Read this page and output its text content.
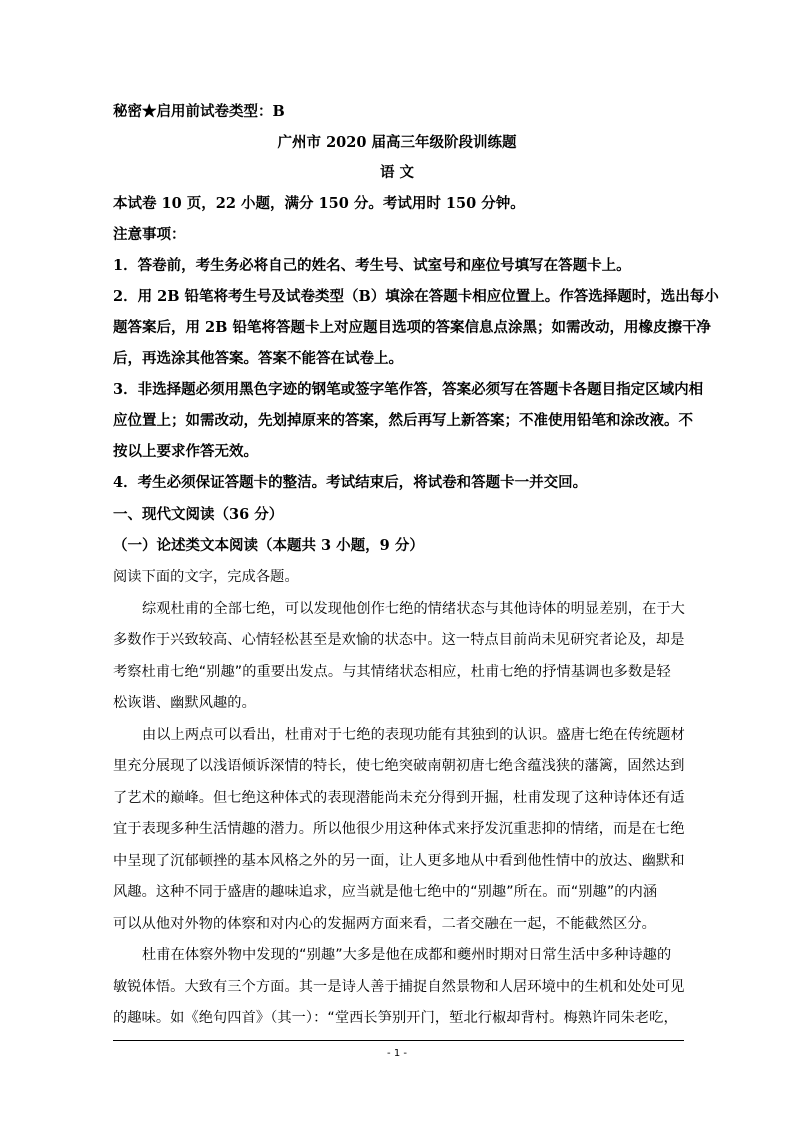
秘密★启用前试卷类型：B
广州市 2020 届高三年级阶段训练题
语 文
本试卷 10 页，22 小题，满分 150 分。考试用时 150 分钟。
注意事项：
1．答卷前，考生务必将自己的姓名、考生号、试室号和座位号填写在答题卡上。
2．用 2B 铅笔将考生号及试卷类型（B）填涂在答题卡相应位置上。作答选择题时，选出每小
题答案后，用 2B 铅笔将答题卡上对应题目选项的答案信息点涂黑；如需改动，用橡皮擦干净
后，再选涂其他答案。答案不能答在试卷上。
3．非选择题必须用黑色字迹的钢笔或签字笔作答，答案必须写在答题卡各题目指定区域内相
应位置上；如需改动，先划掉原来的答案，然后再写上新答案；不准使用铅笔和涂改液。不
按以上要求作答无效。
4．考生必须保证答题卡的整洁。考试结束后，将试卷和答题卡一并交回。
一、现代文阅读（36 分）
（一）论述类文本阅读（本题共 3 小题，9 分）
阅读下面的文字，完成各题。
综观杜甫的全部七绝，可以发现他创作七绝的情绪状态与其他诗体的明显差别，在于大
多数作于兴致较高、心情轻松甚至是欢愉的状态中。这一特点目前尚未见研究者论及，却是
考察杜甫七绝“别趣”的重要出发点。与其情绪状态相应，杜甫七绝的抒情基调也多数是轻
松诙谐、幽默风趣的。
由以上两点可以看出，杜甫对于七绝的表现功能有其独到的认识。盛唐七绝在传统题材
里充分展现了以浅语倾诉深情的特长，使七绝突破南朝初唐七绝含蕴浅狭的藩篱，固然达到
了艺术的巅峰。但七绝这种体式的表现潜能尚未充分得到开掘，杜甫发现了这种诗体还有适
宜于表现多种生活情趣的潜力。所以他很少用这种体式来抒发沉重悲抑的情绪，而是在七绝
中呈现了沉郁顿挫的基本风格之外的另一面，让人更多地从中看到他性情中的放达、幽默和
风趣。这种不同于盛唐的趣味追求，应当就是他七绝中的“别趣”所在。而“别趣”的内涵
可以从他对外物的体察和对内心的发掘两方面来看，二者交融在一起，不能截然区分。
杜甫在体察外物中发现的“别趣”大多是他在成都和夔州时期对日常生活中多种诗趣的
敏锐体悟。大致有三个方面。其一是诗人善于捕捉自然景物和人居环境中的生机和处处可见
的趣味。如《绝句四首》（其一）：“堂西长笋别开门，堑北行椒却背村。梅熟许同朱老吃，
- 1 -
